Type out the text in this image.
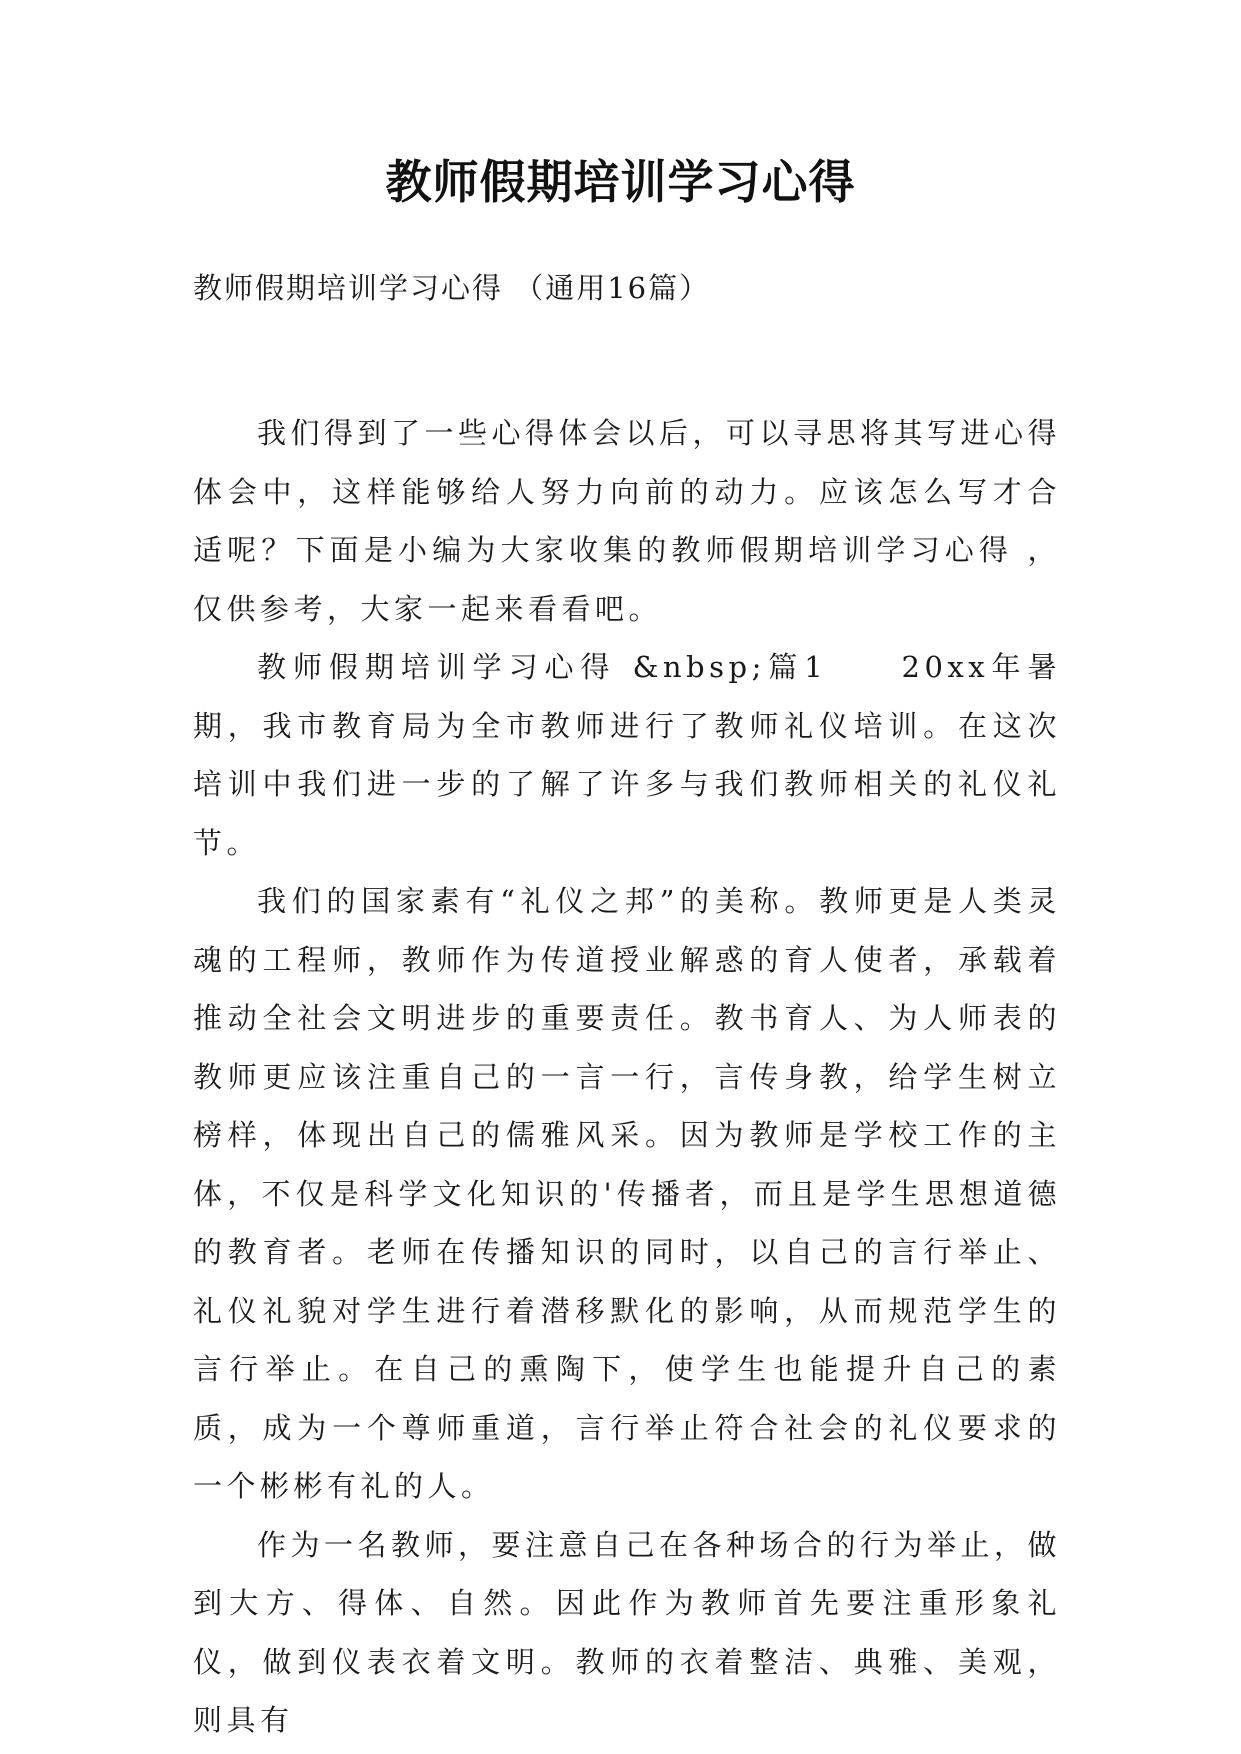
教师假期培训学习心得

教师假期培训学习心得 （通用16篇）

我们得到了一些心得体会以后，可以寻思将其写进心得体会中，这样能够给人努力向前的动力。应该怎么写才合适呢？下面是小编为大家收集的教师假期培训学习心得 ，仅供参考，大家一起来看看吧。

教师假期培训学习心得 &nbsp;篇1　　20xx年暑期，我市教育局为全市教师进行了教师礼仪培训。在这次培训中我们进一步的了解了许多与我们教师相关的礼仪礼节。

我们的国家素有“礼仪之邦”的美称。教师更是人类灵魂的工程师，教师作为传道授业解惑的育人使者，承载着推动全社会文明进步的重要责任。教书育人、为人师表的教师更应该注重自己的一言一行，言传身教，给学生树立榜样，体现出自己的儒雅风采。因为教师是学校工作的主体，不仅是科学文化知识的'传播者，而且是学生思想道德的教育者。老师在传播知识的同时，以自己的言行举止、礼仪礼貌对学生进行着潜移默化的影响，从而规范学生的言行举止。在自己的熏陶下，使学生也能提升自己的素质，成为一个尊师重道，言行举止符合社会的礼仪要求的一个彬彬有礼的人。

作为一名教师，要注意自己在各种场合的行为举止，做到大方、得体、自然。因此作为教师首先要注重形象礼仪，做到仪表衣着文明。教师的衣着整洁、典雅、美观，则具有
